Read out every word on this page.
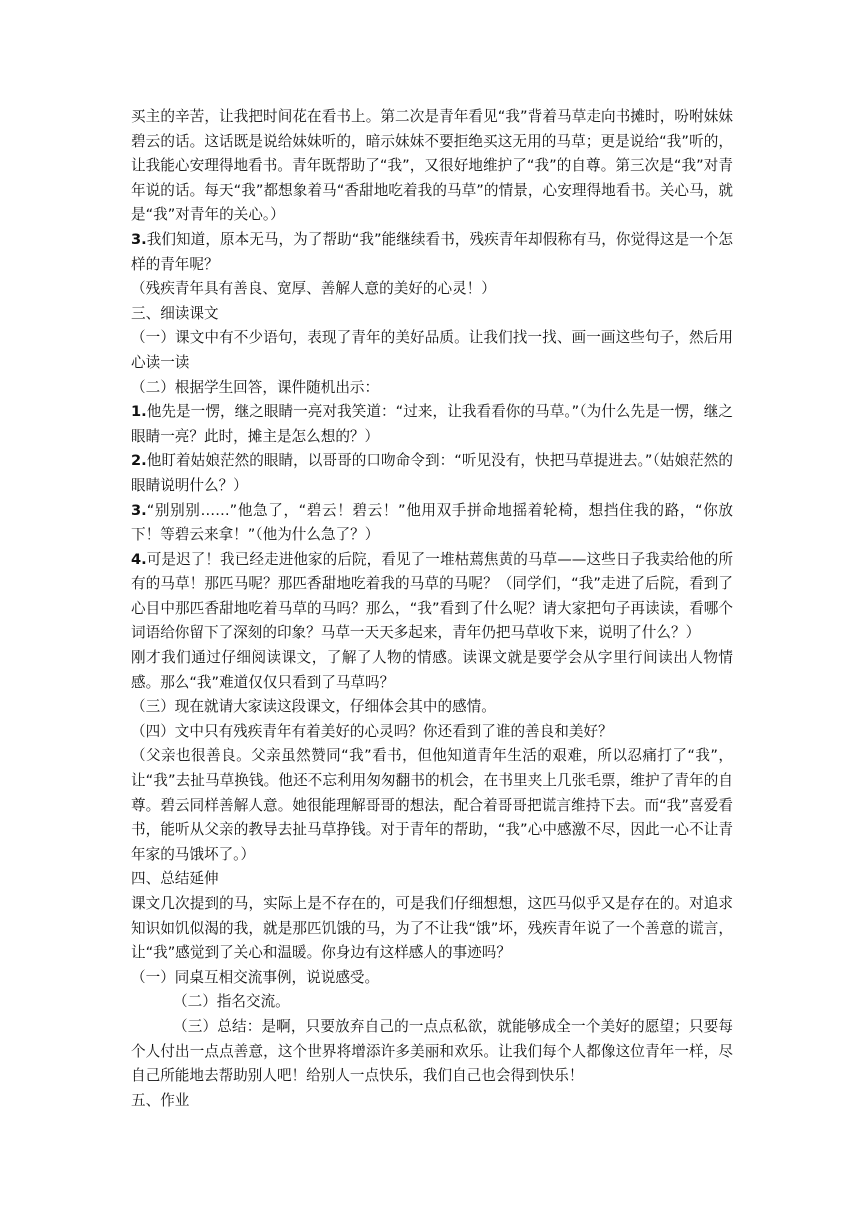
买主的辛苦，让我把时间花在看书上。第二次是青年看见“我”背着马草走向书摊时，吩咐妹妹碧云的话。这话既是说给妹妹听的，暗示妹妹不要拒绝买这无用的马草；更是说给“我”听的，让我能心安理得地看书。青年既帮助了“我”，又很好地维护了“我”的自尊。第三次是“我”对青年说的话。每天“我”都想象着马“香甜地吃着我的马草”的情景，心安理得地看书。关心马，就是“我”对青年的关心。）

3.我们知道，原本无马，为了帮助“我”能继续看书，残疾青年却假称有马，你觉得这是一个怎样的青年呢？

（残疾青年具有善良、宽厚、善解人意的美好的心灵！）

三、细读课文

（一）课文中有不少语句，表现了青年的美好品质。让我们找一找、画一画这些句子，然后用心读一读

（二）根据学生回答，课件随机出示：

1.他先是一愣，继之眼睛一亮对我笑道：“过来，让我看看你的马草。”（为什么先是一愣，继之眼睛一亮？此时，摊主是怎么想的？）

2.他盯着姑娘茫然的眼睛，以哥哥的口吻命令到：“听见没有，快把马草提进去。”（姑娘茫然的眼睛说明什么？）

3.“别别别……”他急了，“碧云！碧云！”他用双手拼命地摇着轮椅，想挡住我的路，“你放下！等碧云来拿！”（他为什么急了？）

4.可是迟了！我已经走进他家的后院，看见了一堆枯蔫焦黄的马草——这些日子我卖给他的所有的马草！那匹马呢？那匹香甜地吃着我的马草的马呢？（同学们，“我”走进了后院，看到了心目中那匹香甜地吃着马草的马吗？那么，“我”看到了什么呢？请大家把句子再读读，看哪个词语给你留下了深刻的印象？马草一天天多起来，青年仍把马草收下来，说明了什么？）

刚才我们通过仔细阅读课文，了解了人物的情感。读课文就是要学会从字里行间读出人物情感。那么“我”难道仅仅只看到了马草吗？

（三）现在就请大家读这段课文，仔细体会其中的感情。

（四）文中只有残疾青年有着美好的心灵吗？你还看到了谁的善良和美好？

（父亲也很善良。父亲虽然赞同“我”看书，但他知道青年生活的艰难，所以忍痛打了“我”，让“我”去扯马草换钱。他还不忘利用匆匆翻书的机会，在书里夹上几张毛票，维护了青年的自尊。碧云同样善解人意。她很能理解哥哥的想法，配合着哥哥把谎言维持下去。而“我”喜爱看书，能听从父亲的教导去扯马草挣钱。对于青年的帮助，“我”心中感激不尽，因此一心不让青年家的马饿坏了。）

四、总结延伸

课文几次提到的马，实际上是不存在的，可是我们仔细想想，这匹马似乎又是存在的。对追求知识如饥似渴的我，就是那匹饥饿的马，为了不让我“饿”坏，残疾青年说了一个善意的谎言，让“我”感觉到了关心和温暖。你身边有这样感人的事迹吗？

（一）同桌互相交流事例，说说感受。

（二）指名交流。

（三）总结：是啊，只要放弃自己的一点点私欲，就能够成全一个美好的愿望；只要每个人付出一点点善意，这个世界将增添许多美丽和欢乐。让我们每个人都像这位青年一样，尽自己所能地去帮助别人吧！给别人一点快乐，我们自己也会得到快乐！

五、作业
